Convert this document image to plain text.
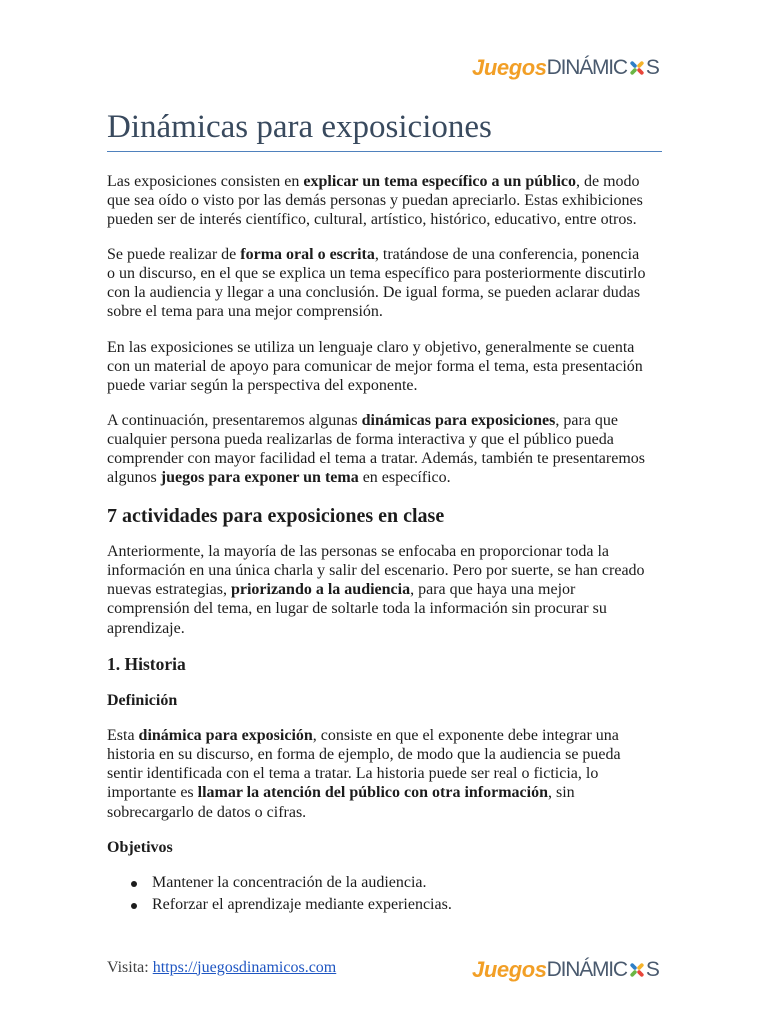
Juegos DINÁMIC S
Dinámicas para exposiciones
Las exposiciones consisten en explicar un tema específico a un público, de modo
que sea oído o visto por las demás personas y puedan apreciarlo. Estas exhibiciones
pueden ser de interés científico, cultural, artístico, histórico, educativo, entre otros.
Se puede realizar de forma oral o escrita, tratándose de una conferencia, ponencia
o un discurso, en el que se explica un tema específico para posteriormente discutirlo
con la audiencia y llegar a una conclusión. De igual forma, se pueden aclarar dudas
sobre el tema para una mejor comprensión.
En las exposiciones se utiliza un lenguaje claro y objetivo, generalmente se cuenta
con un material de apoyo para comunicar de mejor forma el tema, esta presentación
puede variar según la perspectiva del exponente.
A continuación, presentaremos algunas dinámicas para exposiciones, para que
cualquier persona pueda realizarlas de forma interactiva y que el público pueda
comprender con mayor facilidad el tema a tratar. Además, también te presentaremos
algunos juegos para exponer un tema en específico.
7 actividades para exposiciones en clase
Anteriormente, la mayoría de las personas se enfocaba en proporcionar toda la
información en una única charla y salir del escenario. Pero por suerte, se han creado
nuevas estrategias, priorizando a la audiencia, para que haya una mejor
comprensión del tema, en lugar de soltarle toda la información sin procurar su
aprendizaje.
1. Historia
Definición
Esta dinámica para exposición, consiste en que el exponente debe integrar una
historia en su discurso, en forma de ejemplo, de modo que la audiencia se pueda
sentir identificada con el tema a tratar. La historia puede ser real o ficticia, lo
importante es llamar la atención del público con otra información, sin
sobrecargarlo de datos o cifras.
Objetivos
Mantener la concentración de la audiencia.
Reforzar el aprendizaje mediante experiencias.
Visita: https://juegosdinamicos.com	Juegos DINÁMIC S
